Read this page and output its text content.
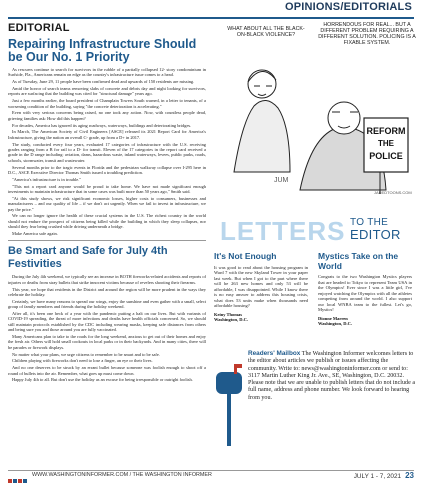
OPINIONS/EDITORIALS
EDITORIAL
Repairing Infrastructure Should be Our No. 1 Priority

As rescuers continue to search for survivors in the rubble of a partially collapsed 12- story condominium in Surfside, Fla., Americans remain on edge as the country's infrastructure issue comes to a head.

As of Tuesday, June 29, 11 people have been confirmed dead and upwards of 150 residents are missing.

Amid the horror of search teams removing slabs of concrete and debris day and night looking for survivors, reports are surfacing that the building was cited for "structural damage" years ago.

Just a few months earlier, the board president of Champlain Towers South warned, in a letter to tenants, of a worsening condition of the building, saying "the concrete deterioration is accelerating."

Even with very serious concerns being raised, no one took any action. Now, with countless people dead, grieving families ask: How did this happen?

For decades, America has ignored its aging roadways, waterways, buildings and deteriorating bridges.

In March, The American Society of Civil Engineers [ASCE] released its 2021 Report Card for America's Infrastructure, giving the nation an overall C- grade, up from a D+ in 2017.

The study, conducted every four years, evaluated 17 categories of infrastructure with the U.S. receiving grades ranging from a B for rail to a D- for transit. Eleven of the 17 categories in the report card received a grade in the D range including: aviation, dams, hazardous waste, inland waterways, levees, public parks, roads, schools, stormwater, transit and wastewater.

Several months prior to the tragic events in Florida and the pedestrian walkway collapse over I-295 here in D.C., ASCE Executive Director Thomas Smith issued a troubling prediction.

"America's infrastructure is in trouble."

"This not a report card anyone would be proud to take home. We have not made significant enough investments to maintain infrastructure that in some cases was built more than 50 years ago," Smith said.

"At this study shows, we risk significant economic losses, higher costs to consumers, businesses and manufacturers – and our quality of life – if we don't act urgently. When we fail to invest in infrastructure, we pay the price."

We can no longer ignore the health of these crucial systems in the U.S. The richest country in the world should not endure the prospect of citizens being killed while the building in which they sleep collapses, nor should they fear being crushed while driving underneath a bridge.

Make America safe again.

Be Smart and Safe for July 4th Festivities

During the July 4th weekend, we typically see an increase in BOTH fireworks-related accidents and reports of injuries or deaths from stray bullets that strike innocent victims because of revelers shooting their firearms.

This year, we hope that residents in the District and around the region will be more prudent in the ways they celebrate the holiday.

Certainly, we have many reasons to spread our wings, enjoy the sunshine and even gather with a small, select group of family members and friends during the holiday weekend.

After all, it's been one heck of a year with the pandemic putting a halt on our lives. But with variants of COVID-19 spreading, the threat of more infections and deaths have health officials concerned. So, we should still maintain protocols established by the CDC including wearing masks, keeping safe distances from others and being sure you and those around you are fully vaccinated.

Many Americans plan to take to the roads for the long weekend, anxious to get out of their homes and enjoy the fresh air. Others will hold small cookouts in local parks or in their backyards. And in many cities, there will be parades or firework displays.

No matter what your plans, we urge citizens to remember to be smart and to be safe.

Children playing with fireworks don't need to lose a finger, an eye or their lives.

And no one deserves to be struck by an errant bullet because someone was foolish enough to shoot off a round of bullets into the air. Remember, what goes up must come down.

Happy July 4th to all. But don't use the holiday as an excuse for being irresponsible or outright foolish.

REFORM
THE
POLICE
JUM
JAREDTOONS.COM
WHAT ABOUT ALL THE BLACK-ON-BLACK VIOLENCE?
HORRENDOUS FOR REAL... BUT A DIFFERENT PROBLEM REQUIRING A DIFFERENT SOLUTION. POLICING IS A FIXABLE SYSTEM.
LETTERS TO THE
EDITOR
It's Not Enough
It was good to read about the housing program in Ward 7 with the new Skyland Tower in your paper last week. But when I got to the part where there will be 263 new homes and only 53 will be affordable, I was disappointed. While I know there is no easy answer to address this housing crisis, what does 53 units make when thousands need affordable housing?
Keiny Thomas
Washington, D.C.
Mystics Take on the World
Congrats to the two Washington Mystics players that are headed to Tokyo to represent Team USA in the Olympics! Ever since I was a little girl, I've enjoyed watching the Olympics with all the athletes competing from around the world. I also support our local WNBA team to the fullest. Let's go, Mystics!
Dionne Marren
Washington, D.C.
Readers' Mailbox The Washington Informer welcomes letters to the editor about articles we publish or issues affecting the community. Write to: news@washingtoninformer.com or send to: 3117 Martin Luther King Jr. Ave., SE, Washington, D.C. 20032. Please note that we are unable to publish letters that do not include a full name, address and phone number. We look forward to hearing from you.
WWW.WASHINGTONINFORMER.COM / THE WASHINGTON INFORMER	JULY 1 - 7, 2021 23
